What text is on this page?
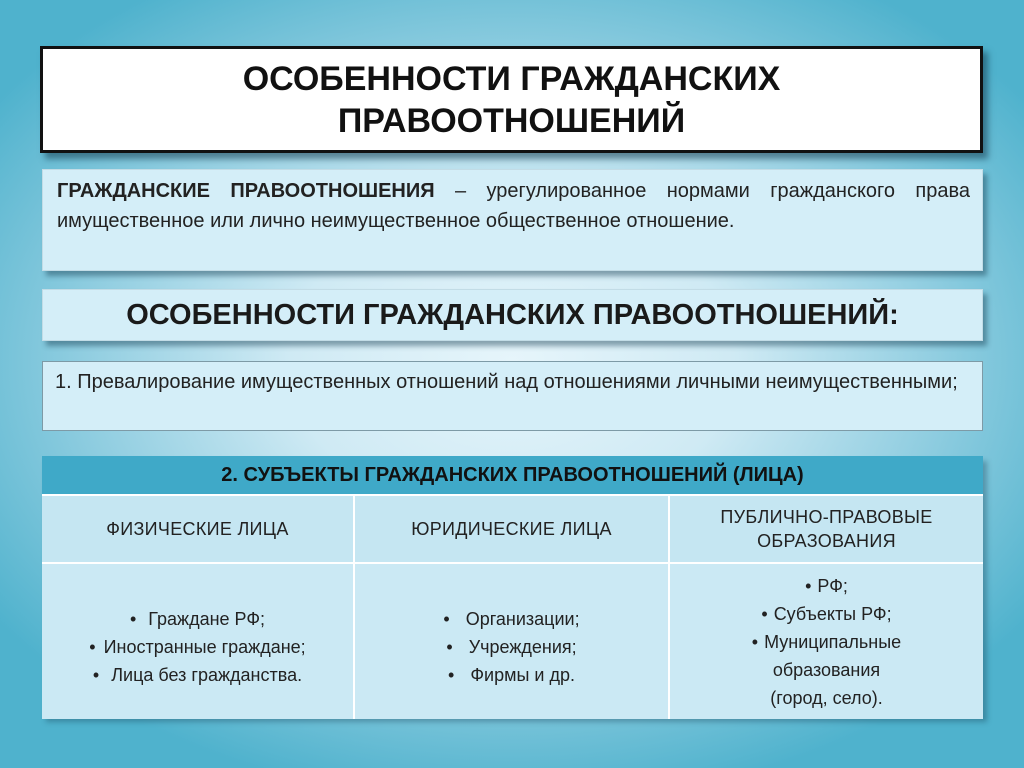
ОСОБЕННОСТИ ГРАЖДАНСКИХ ПРАВООТНОШЕНИЙ
ГРАЖДАНСКИЕ ПРАВООТНОШЕНИЯ – урегулированное нормами гражданского права имущественное или лично неимущественное общественное отношение.
ОСОБЕННОСТИ ГРАЖДАНСКИХ ПРАВООТНОШЕНИЙ:
1. Превалирование имущественных отношений над отношениями личными неимущественными;
2. СУБЪЕКТЫ ГРАЖДАНСКИХ ПРАВООТНОШЕНИЙ (ЛИЦА)
ФИЗИЧЕСКИЕ ЛИЦА	ЮРИДИЧЕСКИЕ ЛИЦА
ПУБЛИЧНО-ПРАВОВЫЕ ОБРАЗОВАНИЯ
• Граждане РФ;
• Иностранные граждане;
• Лица без гражданства.
• Организации;
• Учреждения;
• Фирмы и др.
• РФ;
• Субъекты РФ;
• Муниципальные
образования
(город, село).
